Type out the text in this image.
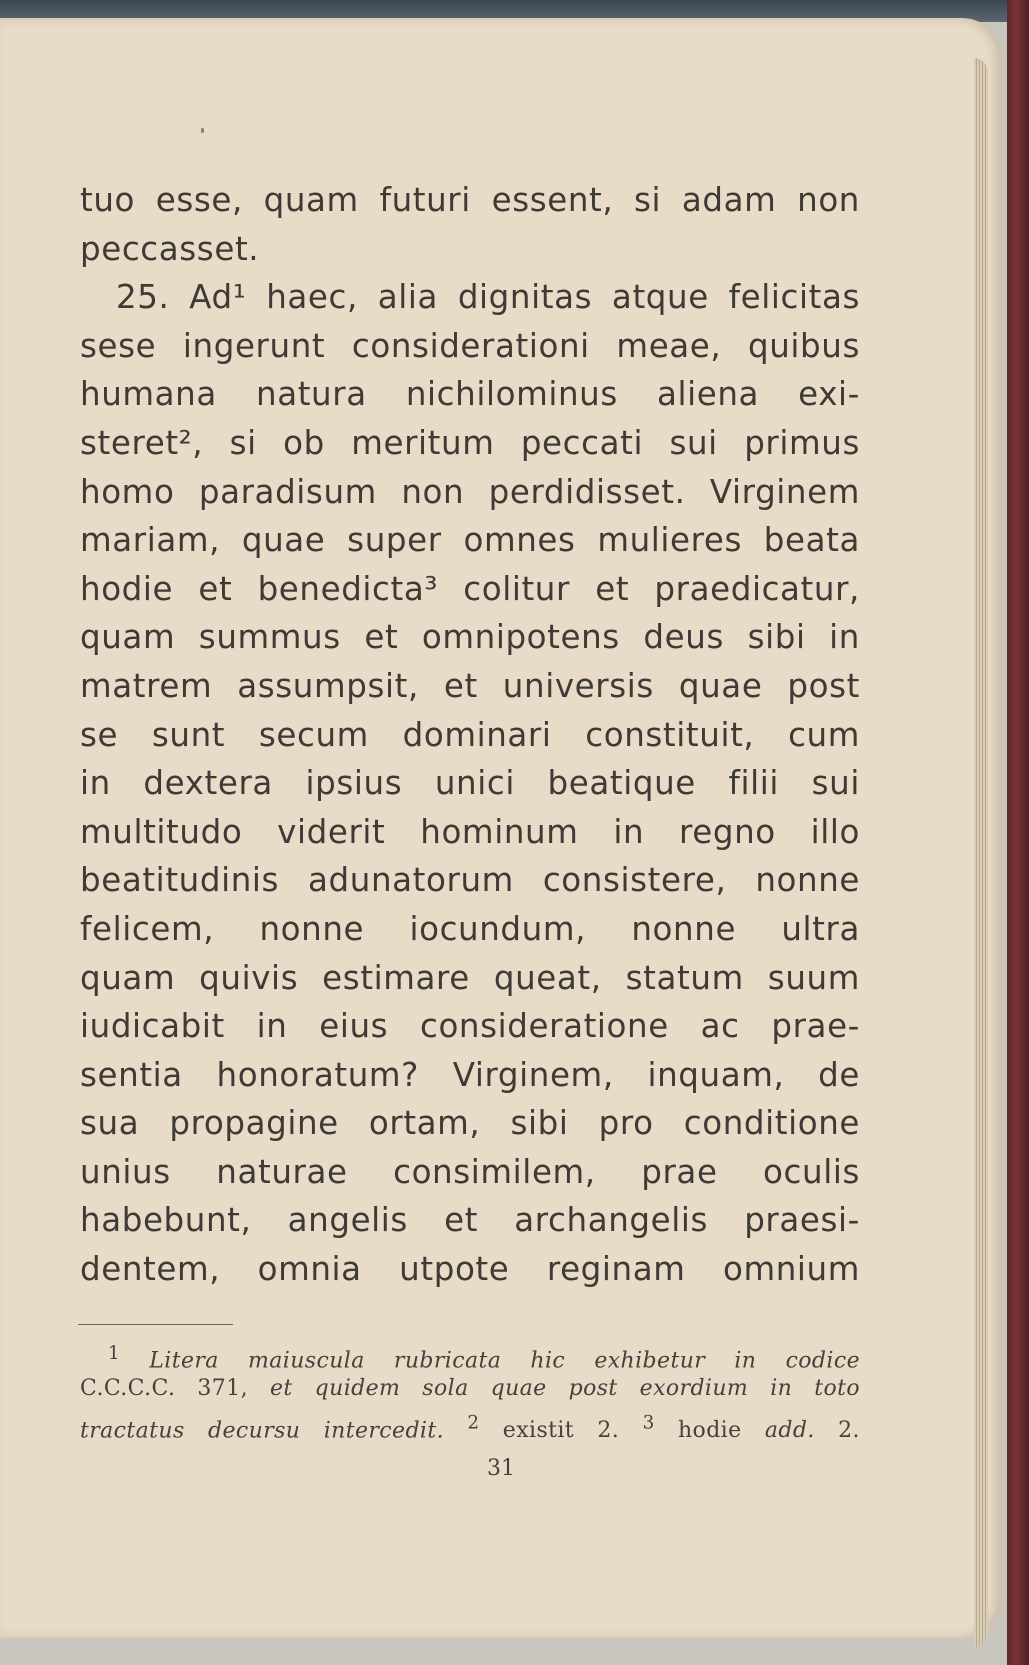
tuo esse, quam futuri essent, si adam non
peccasset.
25. Ad¹ haec, alia dignitas atque felicitas
sese ingerunt considerationi meae, quibus
humana natura nichilominus aliena exi-
steret², si ob meritum peccati sui primus
homo paradisum non perdidisset. Virginem
mariam, quae super omnes mulieres beata
hodie et benedicta³ colitur et praedicatur,
quam summus et omnipotens deus sibi in
matrem assumpsit, et universis quae post
se sunt secum dominari constituit, cum
in dextera ipsius unici beatique filii sui
multitudo viderit hominum in regno illo
beatitudinis adunatorum consistere, nonne
felicem, nonne iocundum, nonne ultra
quam quivis estimare queat, statum suum
iudicabit in eius consideratione ac prae-
sentia honoratum? Virginem, inquam, de
sua propagine ortam, sibi pro conditione
unius naturae consimilem, prae oculis
habebunt, angelis et archangelis praesi-
dentem, omnia utpote reginam omnium
$^1$ Litera maiuscula rubricata hic exhibetur in codice
C.C.C.C. 371, et quidem sola quae post exordium in toto
tractatus decursu intercedit. $^2$ existit 2. $^3$ hodie add. 2.
31
